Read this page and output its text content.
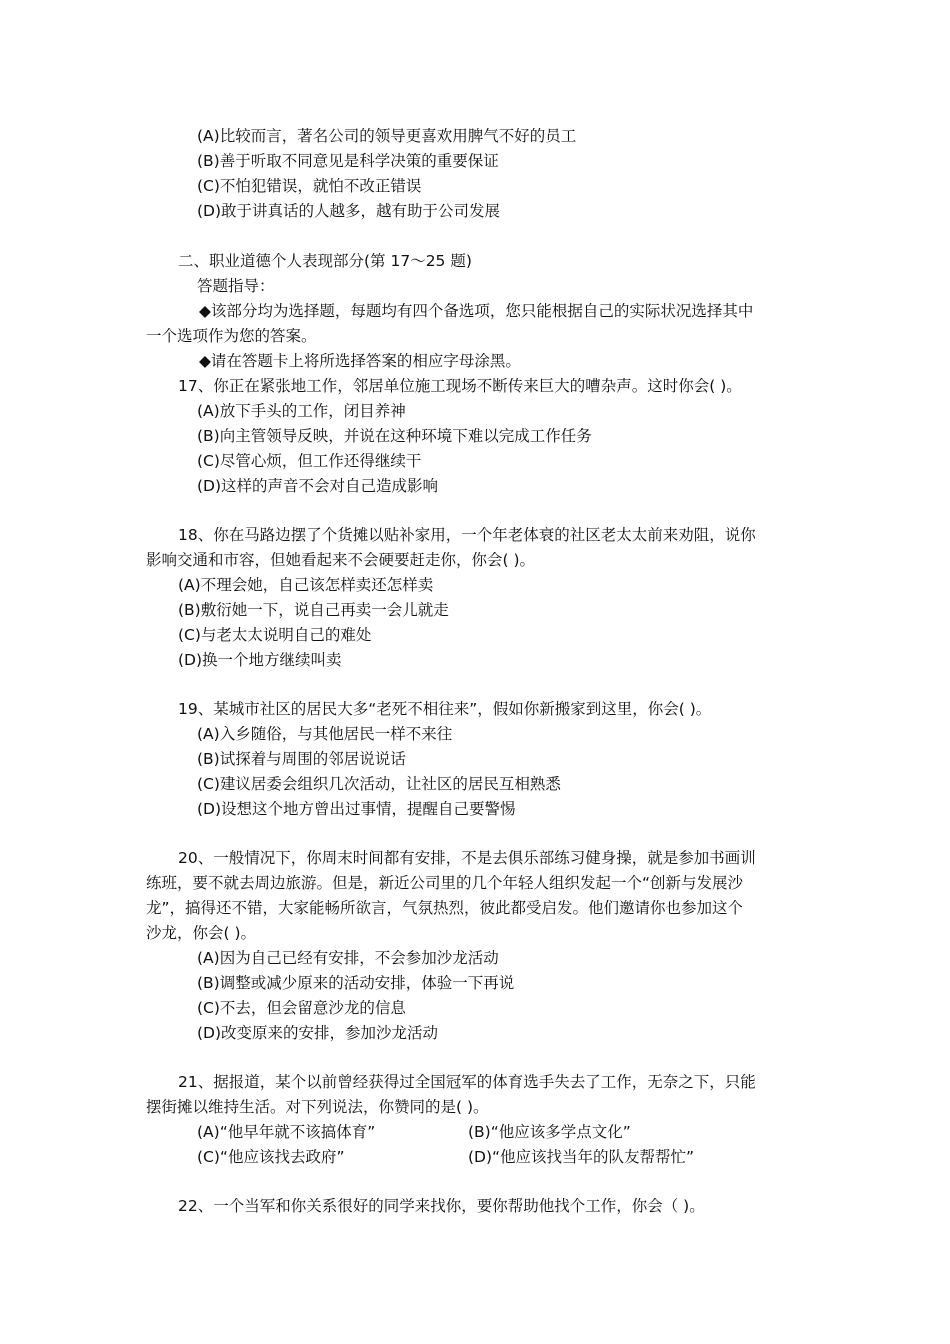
(A)比较而言，著名公司的领导更喜欢用脾气不好的员工
(B)善于听取不同意见是科学决策的重要保证
(C)不怕犯错误，就怕不改正错误
(D)敢于讲真话的人越多，越有助于公司发展
二、职业道德个人表现部分(第 17～25 题)
答题指导：
◆该部分均为选择题，每题均有四个备选项，您只能根据自己的实际状况选择其中
一个选项作为您的答案。
◆请在答题卡上将所选择答案的相应字母涂黑。
17、你正在紧张地工作，邻居单位施工现场不断传来巨大的嘈杂声。这时你会( )。
(A)放下手头的工作，闭目养神
(B)向主管领导反映，并说在这种环境下难以完成工作任务
(C)尽管心烦，但工作还得继续干
(D)这样的声音不会对自己造成影响
18、你在马路边摆了个货摊以贴补家用，一个年老体衰的社区老太太前来劝阻，说你
影响交通和市容，但她看起来不会硬要赶走你，你会( )。
(A)不理会她，自己该怎样卖还怎样卖
(B)敷衍她一下，说自己再卖一会儿就走
(C)与老太太说明自己的难处
(D)换一个地方继续叫卖
19、某城市社区的居民大多“老死不相往来”，假如你新搬家到这里，你会( )。
(A)入乡随俗，与其他居民一样不来往
(B)试探着与周围的邻居说说话
(C)建议居委会组织几次活动，让社区的居民互相熟悉
(D)设想这个地方曾出过事情，提醒自己要警惕
20、一般情况下，你周末时间都有安排，不是去俱乐部练习健身操，就是参加书画训
练班，要不就去周边旅游。但是，新近公司里的几个年轻人组织发起一个“创新与发展沙
龙”，搞得还不错，大家能畅所欲言，气氛热烈，彼此都受启发。他们邀请你也参加这个
沙龙，你会( )。
(A)因为自己已经有安排，不会参加沙龙活动
(B)调整或减少原来的活动安排，体验一下再说
(C)不去，但会留意沙龙的信息
(D)改变原来的安排，参加沙龙活动
21、据报道，某个以前曾经获得过全国冠军的体育选手失去了工作，无奈之下，只能
摆街摊以维持生活。对下列说法，你赞同的是( )。
(A)“他早年就不该搞体育”	(B)“他应该多学点文化”
(C)“他应该找去政府”	(D)“他应该找当年的队友帮帮忙”
22、一个当军和你关系很好的同学来找你，要你帮助他找个工作，你会（ )。
